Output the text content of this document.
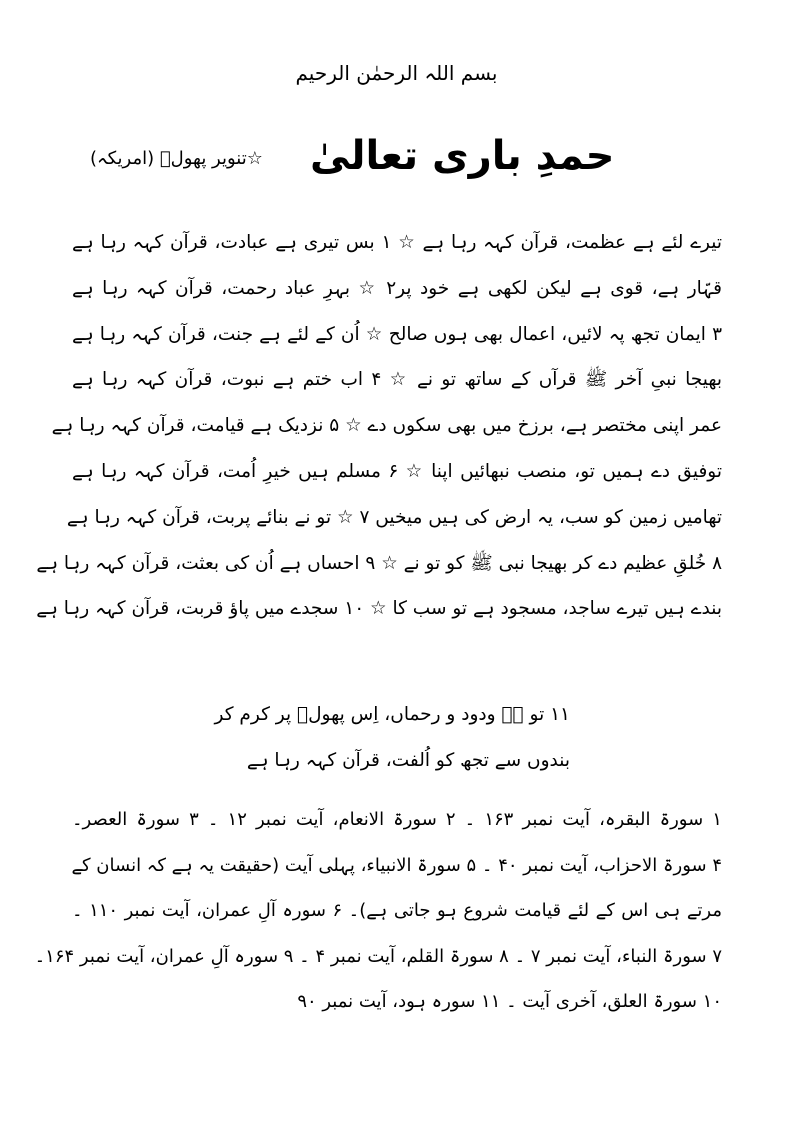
بسم اللہ الرحمٰن الرحیم
حمدِ باری تعالیٰ
☆تنویر پھولؔ (امریکہ)
تیرے لئے ہے عظمت، قرآن کہہ رہا ہے ☆ ۱ بس تیری ہے عبادت، قرآن کہہ رہا ہے
قہّار ہے، قوی ہے لیکن لکھی ہے خود پر۲ ☆ بہرِ عباد رحمت، قرآن کہہ رہا ہے
۳ ایمان تجھ پہ لائیں، اعمال بھی ہوں صالح ☆ اُن کے لئے ہے جنت، قرآن کہہ رہا ہے
بھیجا نبیِ آخر ﷺ قرآں کے ساتھ تو نے ☆ ۴ اب ختم ہے نبوت، قرآن کہہ رہا ہے
عمر اپنی مختصر ہے، برزخ میں بھی سکوں دے ☆ ۵ نزدیک ہے قیامت، قرآن کہہ رہا ہے
توفیق دے ہمیں تو، منصب نبھائیں اپنا ☆ ۶ مسلم ہیں خیرِ اُمت، قرآن کہہ رہا ہے
تھامیں زمین کو سب، یہ ارض کی ہیں میخیں ۷ ☆ تو نے بنائے پربت، قرآن کہہ رہا ہے
۸ خُلقِ عظیم دے کر بھیجا نبی ﷺ کو تو نے ☆ ۹ احساں ہے اُن کی بعثت، قرآن کہہ رہا ہے
بندے ہیں تیرے ساجد، مسجود ہے تو سب کا ☆ ۱۰ سجدے میں پاؤ قربت، قرآن کہہ رہا ہے
۱۱ تو ہے ودود و رحماں، اِس پھولؔ پر کرم کر
بندوں سے تجھ کو اُلفت، قرآن کہہ رہا ہے
۱ سورۃ البقرہ، آیت نمبر ۱۶۳ ۔ ۲ سورۃ الانعام، آیت نمبر ۱۲ ۔ ۳ سورۃ العصر۔
۴ سورۃ الاحزاب، آیت نمبر ۴۰ ۔ ۵ سورۃ الانبیاء، پہلی آیت (حقیقت یہ ہے کہ انسان کے
مرتے ہی اس کے لئے قیامت شروع ہو جاتی ہے)۔ ۶ سورہ آلِ عمران، آیت نمبر ۱۱۰ ۔
۷ سورۃ النباء، آیت نمبر ۷ ۔ ۸ سورۃ القلم، آیت نمبر ۴ ۔ ۹ سورہ آلِ عمران، آیت نمبر ۱۶۴۔
۱۰ سورۃ العلق، آخری آیت ۔ ۱۱ سورہ ہود، آیت نمبر ۹۰
